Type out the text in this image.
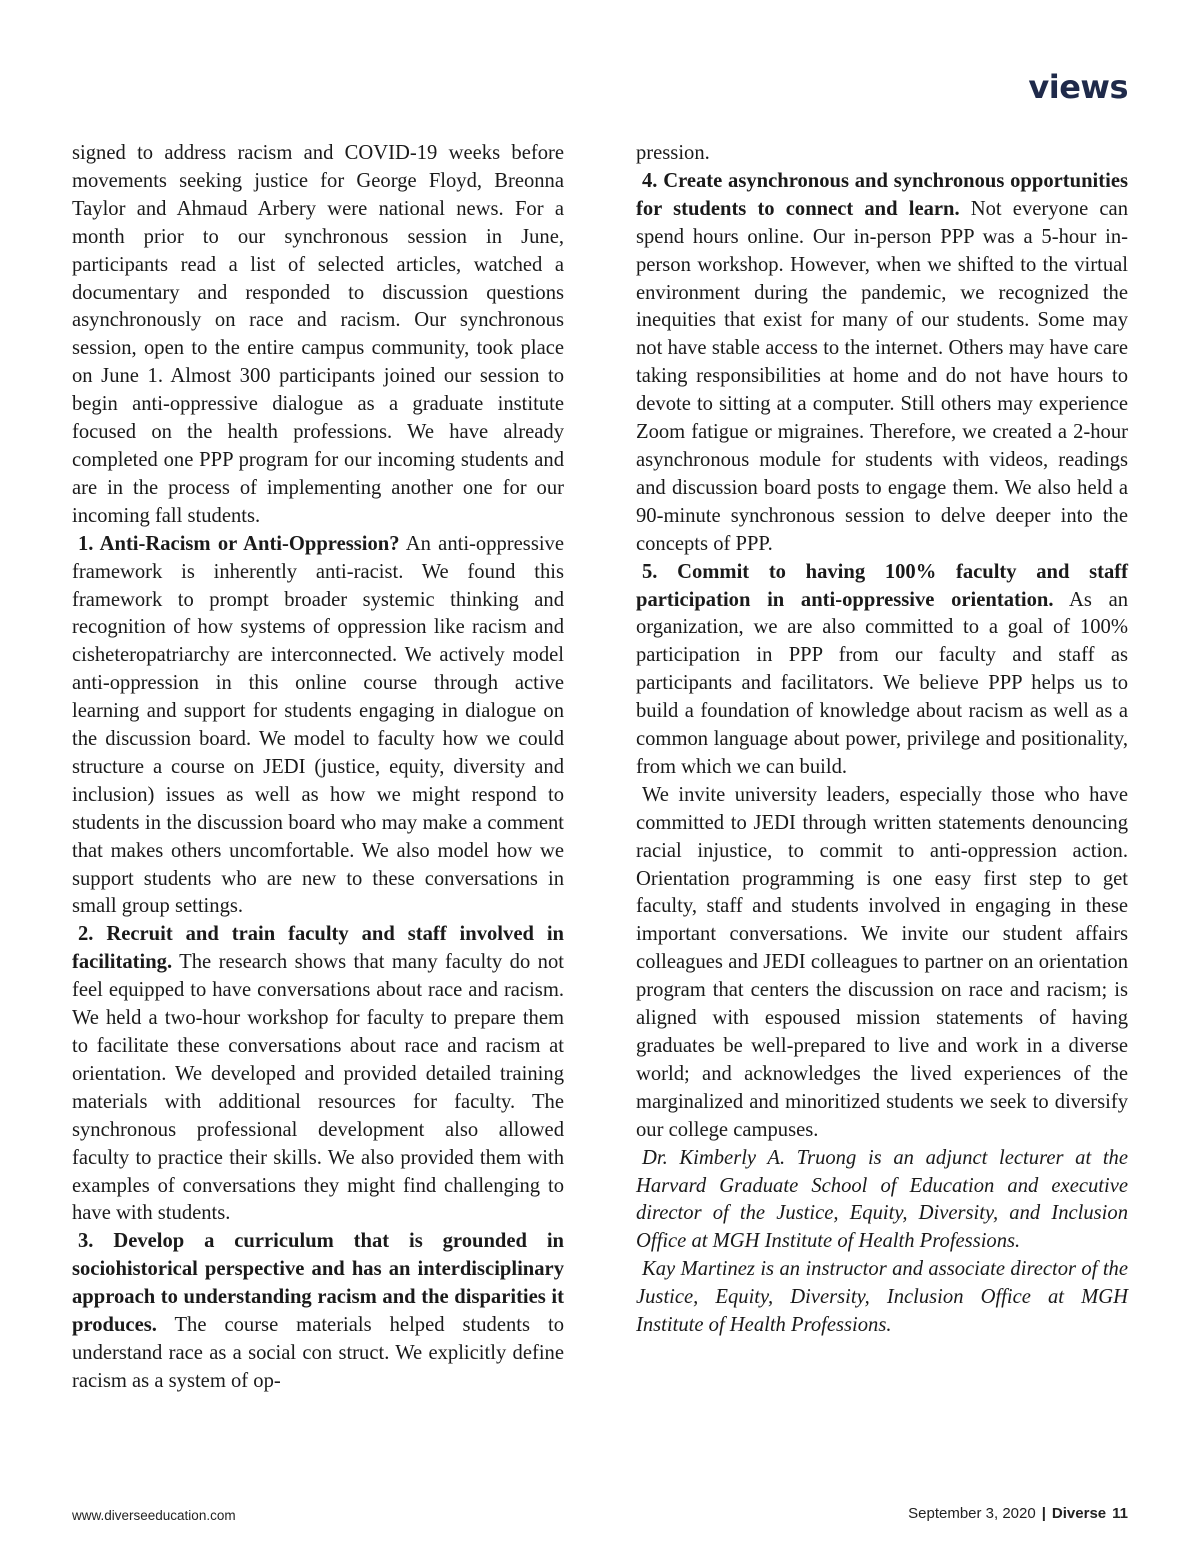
views

signed to address racism and COVID-19 weeks before movements seeking justice for George Floyd, Breonna Taylor and Ahmaud Arbery were national news. For a month prior to our synchronous session in June, participants read a list of selected articles, watched a documentary and responded to discussion questions asynchronously on race and racism. Our synchronous session, open to the entire campus community, took place on June 1. Almost 300 participants joined our session to begin anti-oppressive dialogue as a graduate institute focused on the health professions. We have already completed one PPP program for our incoming students and are in the process of implementing another one for our incoming fall students.

1. Anti-Racism or Anti-Oppression? An anti-oppressive framework is inherently anti-racist. We found this framework to prompt broader systemic thinking and recognition of how systems of oppression like racism and cisheteropatriarchy are interconnected. We actively model anti-oppression in this online course through active learning and support for students engaging in dialogue on the discussion board. We model to faculty how we could structure a course on JEDI (justice, equity, diversity and inclusion) issues as well as how we might respond to students in the discussion board who may make a comment that makes others uncomfortable. We also model how we support students who are new to these conversations in small group settings.

2. Recruit and train faculty and staff involved in facilitating. The research shows that many faculty do not feel equipped to have conversations about race and racism. We held a two-hour workshop for faculty to prepare them to facilitate these conversations about race and racism at orientation. We developed and provided detailed training materials with additional resources for faculty. The synchronous professional development also allowed faculty to practice their skills. We also provided them with examples of conversations they might find challenging to have with students.

3. Develop a curriculum that is grounded in sociohistorical perspective and has an interdisciplinary approach to understanding racism and the disparities it produces. The course materials helped students to understand race as a social con struct. We explicitly define racism as a system of op-

pression.

4. Create asynchronous and synchronous opportunities for students to connect and learn. Not everyone can spend hours online. Our in-person PPP was a 5-hour in-person workshop. However, when we shifted to the virtual environment during the pandemic, we recognized the inequities that exist for many of our students. Some may not have stable access to the internet. Others may have care taking responsibilities at home and do not have hours to devote to sitting at a computer. Still others may experience Zoom fatigue or migraines. Therefore, we created a 2-hour asynchronous module for students with videos, readings and discussion board posts to engage them. We also held a 90-minute synchronous session to delve deeper into the concepts of PPP.

5. Commit to having 100% faculty and staff participation in anti-oppressive orientation. As an organization, we are also committed to a goal of 100% participation in PPP from our faculty and staff as participants and facilitators. We believe PPP helps us to build a foundation of knowledge about racism as well as a common language about power, privilege and positionality, from which we can build.

We invite university leaders, especially those who have committed to JEDI through written statements denouncing racial injustice, to commit to anti-oppression action. Orientation programming is one easy first step to get faculty, staff and students involved in engaging in these important conversations. We invite our student affairs colleagues and JEDI colleagues to partner on an orientation program that centers the discussion on race and racism; is aligned with espoused mission statements of having graduates be well-prepared to live and work in a diverse world; and acknowledges the lived experiences of the marginalized and minoritized students we seek to diversify our college campuses.

Dr. Kimberly A. Truong is an adjunct lecturer at the Harvard Graduate School of Education and executive director of the Justice, Equity, Diversity, and Inclusion Office at MGH Institute of Health Professions.

Kay Martinez is an instructor and associate director of the Justice, Equity, Diversity, Inclusion Office at MGH Institute of Health Professions.

www.diverseeducation.com	September 3, 2020 | Diverse 11
